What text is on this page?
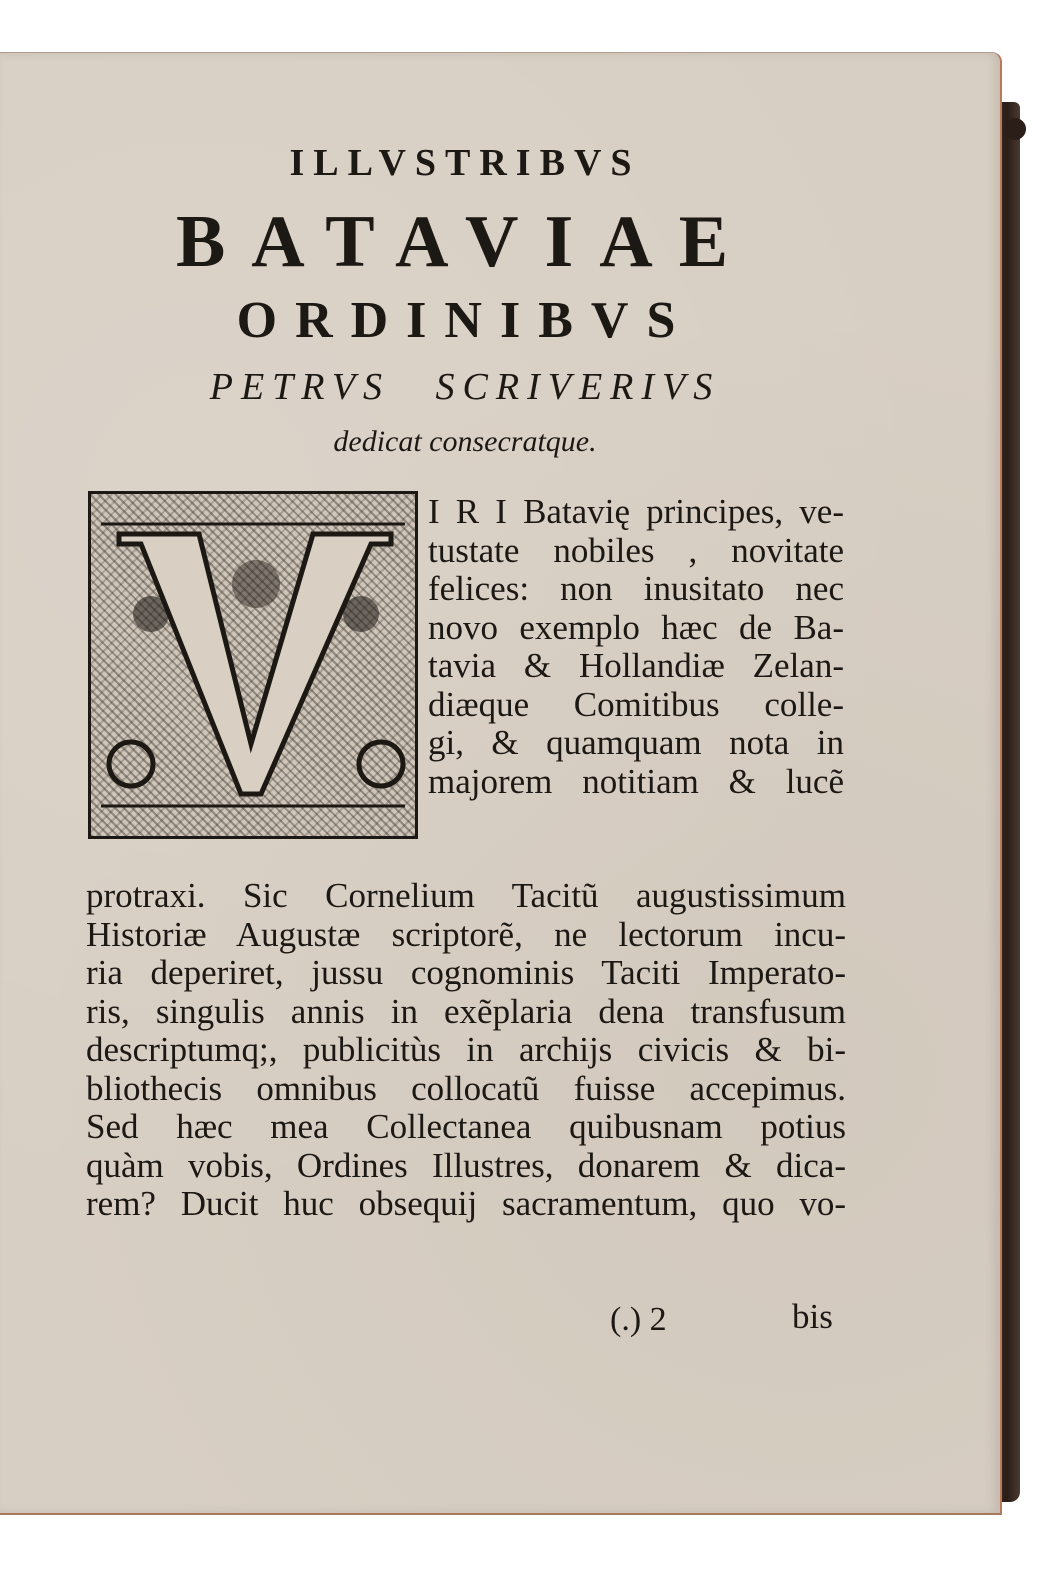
ILLVSTRIBVS
BATAVIAE
ORDINIBVS
PETRVS SCRIVERIVS
dedicat consecratque.
I R I Batavię principes, ve-
tustate nobiles , novitate
felices: non inusitato nec
novo exemplo hæc de Ba-
tavia & Hollandiæ Zelan-
diæque Comitibus colle-
gi, & quamquam nota in
majorem notitiam & lucẽ
protraxi. Sic Cornelium Tacitũ augustissimum
Historiæ Augustæ scriptorẽ, ne lectorum incu-
ria deperiret, jussu cognominis Taciti Imperato-
ris, singulis annis in exẽplaria dena transfusum
descriptumq;, publicitùs in archijs civicis & bi-
bliothecis omnibus collocatũ fuisse accepimus.
Sed hæc mea Collectanea quibusnam potius
quàm vobis, Ordines Illustres, donarem & dica-
rem? Ducit huc obsequij sacramentum, quo vo-
(.) 2	bis
